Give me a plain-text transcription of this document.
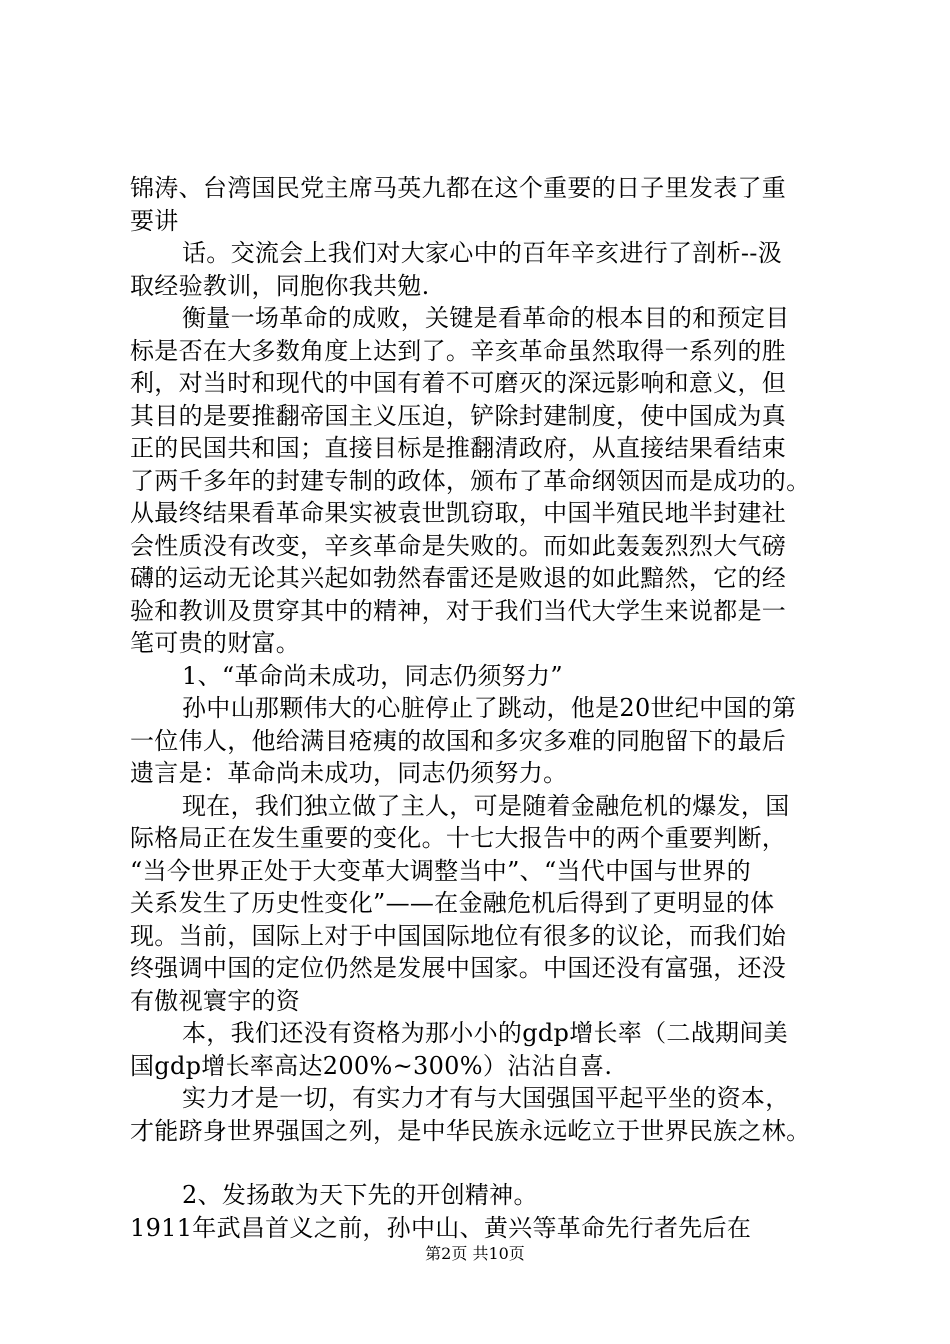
锦涛、台湾国民党主席马英九都在这个重要的日子里发表了重
要讲
话。交流会上我们对大家心中的百年辛亥进行了剖析--汲
取经验教训，同胞你我共勉.
衡量一场革命的成败，关键是看革命的根本目的和预定目
标是否在大多数角度上达到了。辛亥革命虽然取得一系列的胜
利，对当时和现代的中国有着不可磨灭的深远影响和意义，但
其目的是要推翻帝国主义压迫，铲除封建制度，使中国成为真
正的民国共和国；直接目标是推翻清政府，从直接结果看结束
了两千多年的封建专制的政体，颁布了革命纲领因而是成功的。
从最终结果看革命果实被袁世凯窃取，中国半殖民地半封建社
会性质没有改变，辛亥革命是失败的。而如此轰轰烈烈大气磅
礴的运动无论其兴起如勃然春雷还是败退的如此黯然，它的经
验和教训及贯穿其中的精神，对于我们当代大学生来说都是一
笔可贵的财富。
1、“革命尚未成功，同志仍须努力”
孙中山那颗伟大的心脏停止了跳动，他是20世纪中国的第
一位伟人，他给满目疮痍的故国和多灾多难的同胞留下的最后
遗言是：革命尚未成功，同志仍须努力。
现在，我们独立做了主人，可是随着金融危机的爆发，国
际格局正在发生重要的变化。十七大报告中的两个重要判断，
“当今世界正处于大变革大调整当中”、“当代中国与世界的
关系发生了历史性变化”——在金融危机后得到了更明显的体
现。当前，国际上对于中国国际地位有很多的议论，而我们始
终强调中国的定位仍然是发展中国家。中国还没有富强，还没
有傲视寰宇的资
本，我们还没有资格为那小小的gdp增长率（二战期间美
国gdp增长率高达200%~300%）沾沾自喜.
实力才是一切，有实力才有与大国强国平起平坐的资本，
才能跻身世界强国之列，是中华民族永远屹立于世界民族之林。
2、发扬敢为天下先的开创精神。
1911年武昌首义之前，孙中山、黄兴等革命先行者先后在
第2页 共10页
